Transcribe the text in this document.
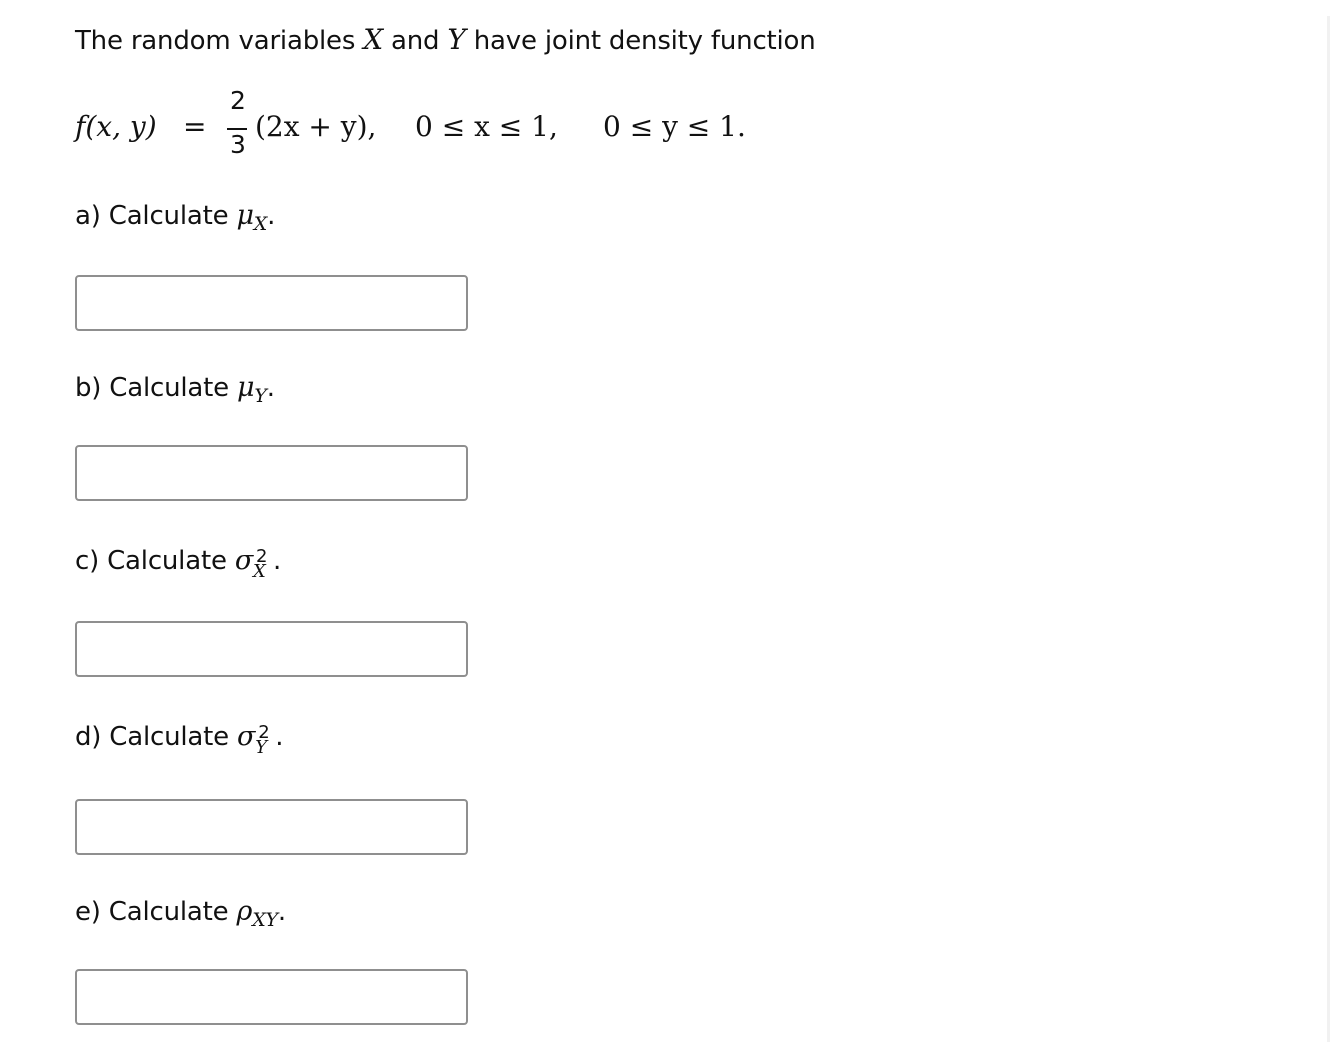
The random variables X and Y have joint density function
f(x, y) =
2
3
(2x + y), 0 ≤ x ≤ 1, 0 ≤ y ≤ 1.
a) Calculate $\mu_X$.
b) Calculate $\mu_Y$.
c) Calculate σ 2
X .
d) Calculate σ 2
Y .
e) Calculate $\rho_{XY}$.
